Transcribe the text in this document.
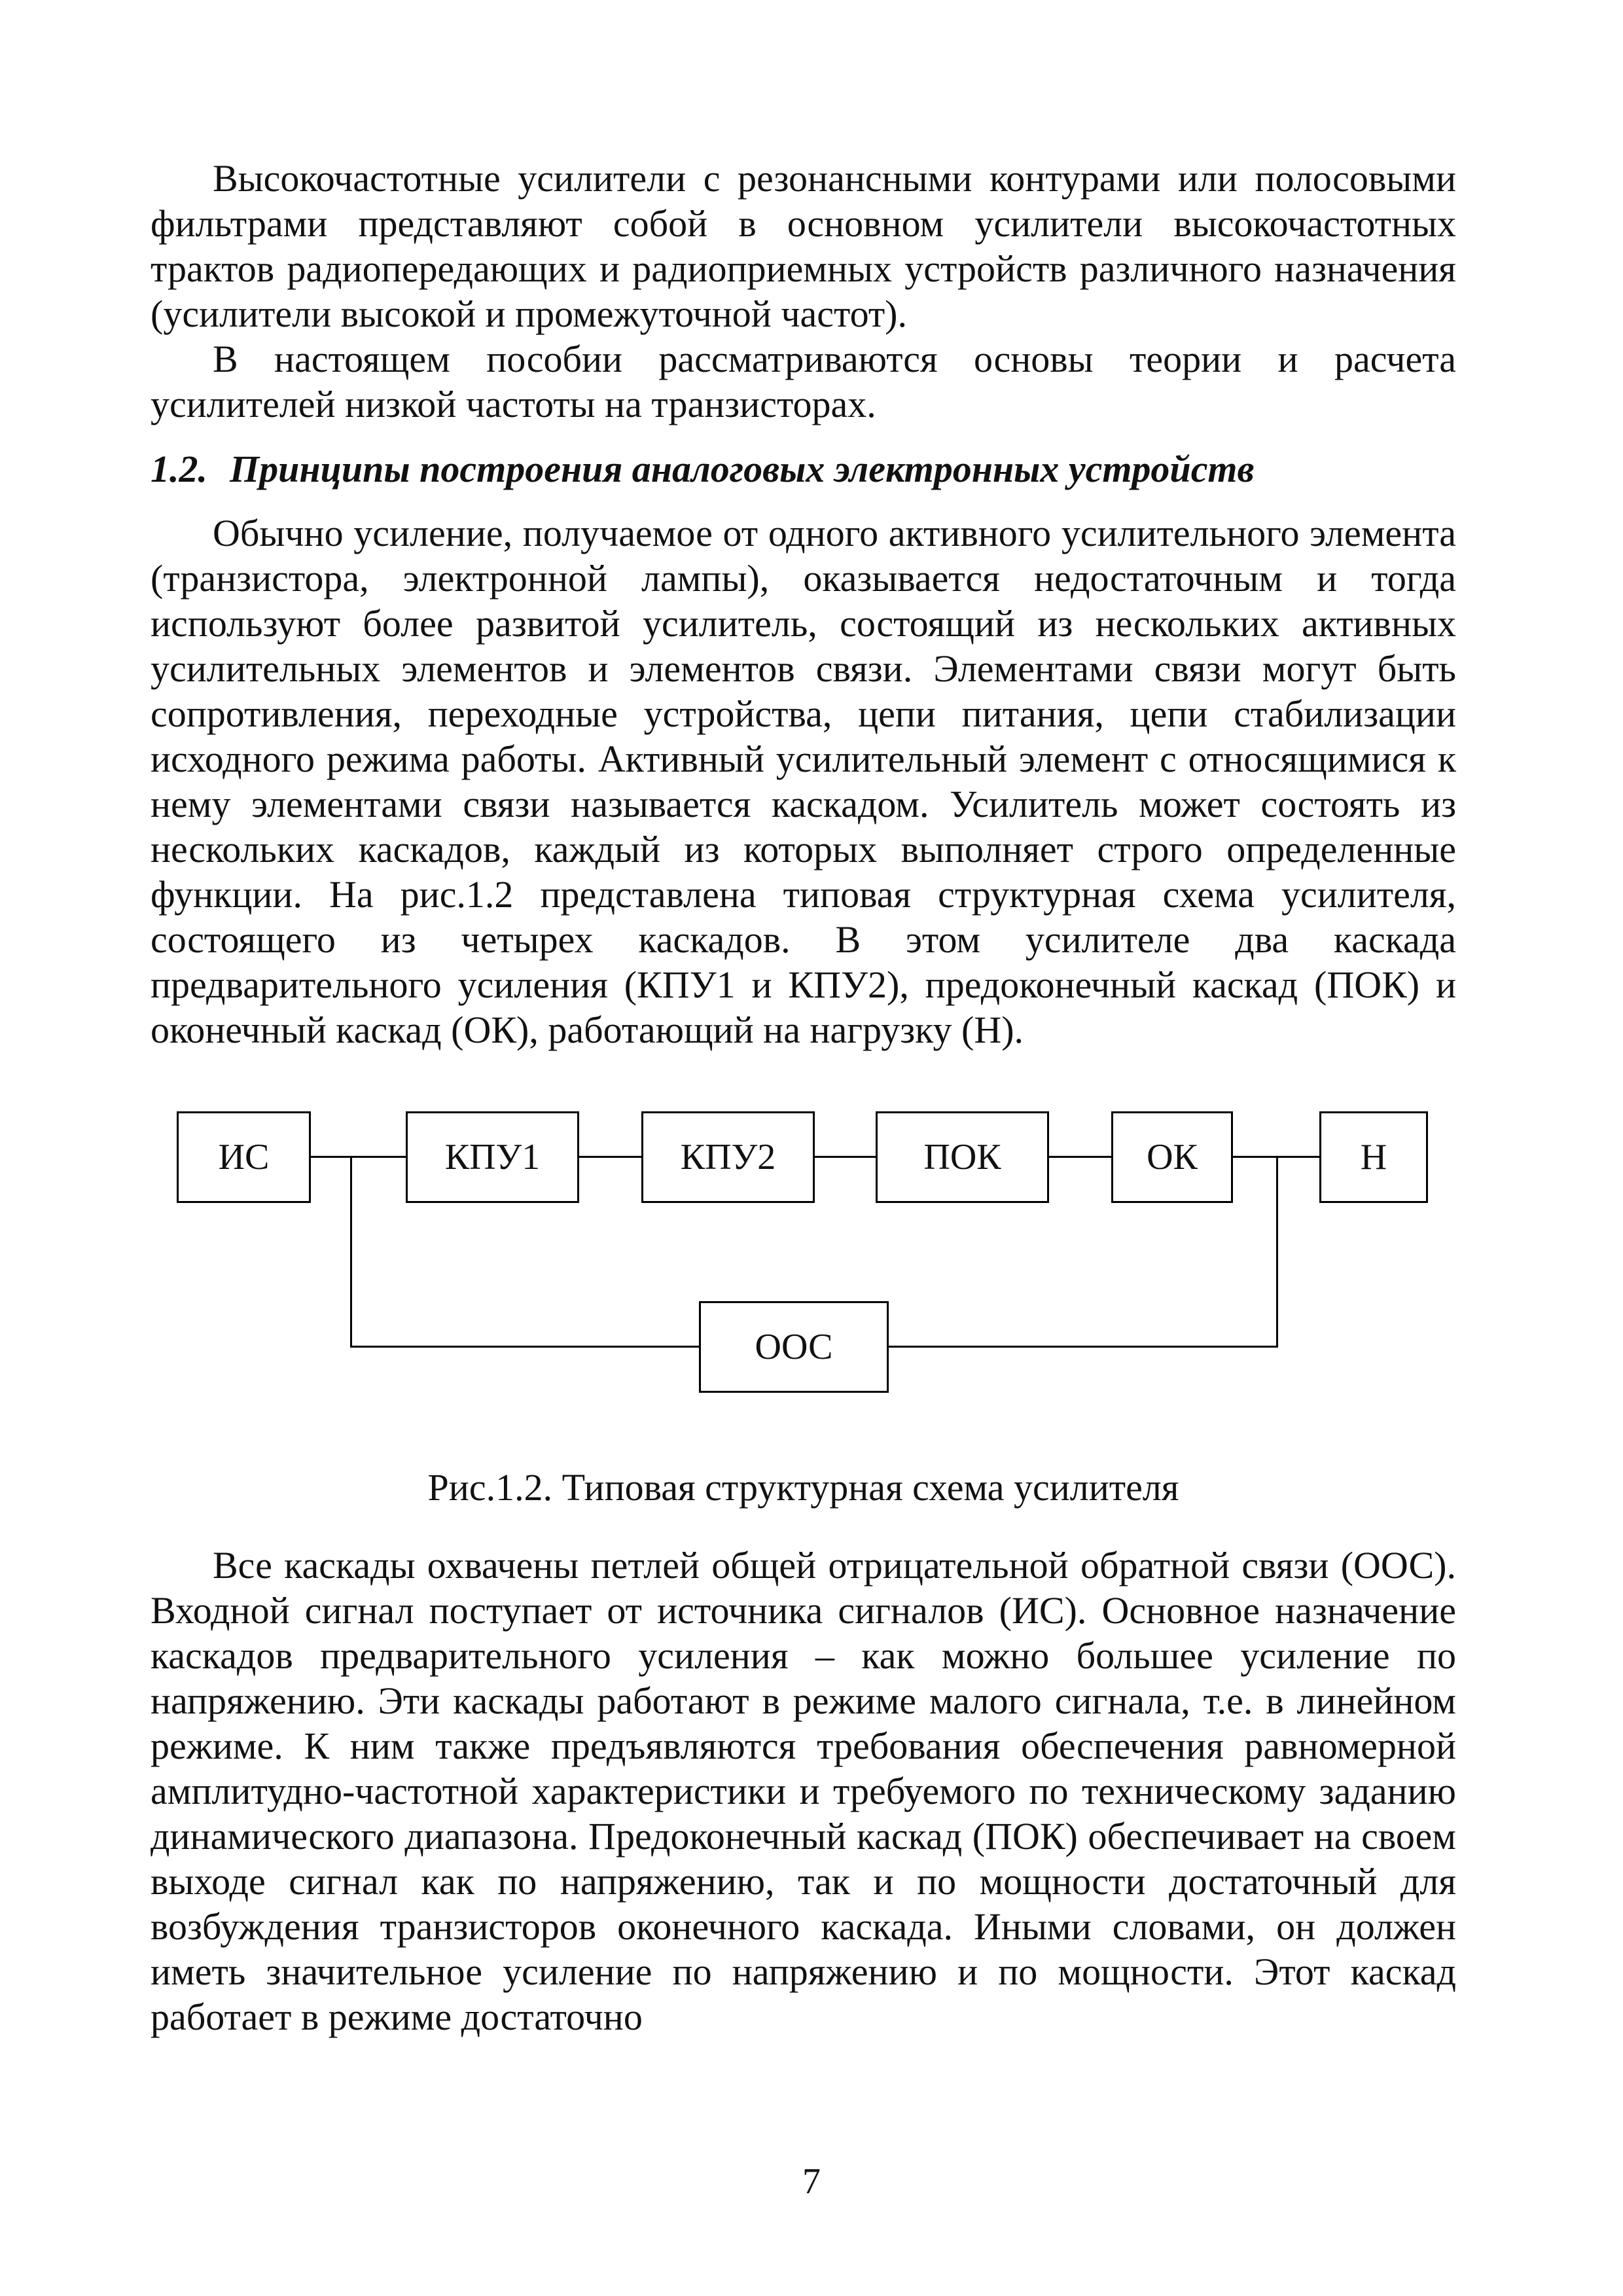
Высокочастотные усилители с резонансными контурами или полосовыми фильтрами представляют собой в основном усилители высокочастотных трактов радиопередающих и радиоприемных устройств различного назначения (усилители высокой и промежуточной частот).

В настоящем пособии рассматриваются основы теории и расчета усилителей низкой частоты на транзисторах.

1.2. Принципы построения аналоговых электронных устройств

Обычно усиление, получаемое от одного активного усилительного элемента (транзистора, электронной лампы), оказывается недостаточным и тогда используют более развитой усилитель, состоящий из нескольких активных усилительных элементов и элементов связи. Элементами связи могут быть сопротивления, переходные устройства, цепи питания, цепи стабилизации исходного режима работы. Активный усилительный элемент с относящимися к нему элементами связи называется каскадом. Усилитель может состоять из нескольких каскадов, каждый из которых выполняет строго определенные функции. На рис.1.2 представлена типовая структурная схема усилителя, состоящего из четырех каскадов. В этом усилителе два каскада предварительного усиления (КПУ1 и КПУ2), предоконечный каскад (ПОК) и оконечный каскад (ОК), работающий на нагрузку (Н).

ИС	КПУ1	КПУ2	ПОК	ОК	Н
ООС

Рис.1.2. Типовая структурная схема усилителя

Все каскады охвачены петлей общей отрицательной обратной связи (ООС). Входной сигнал поступает от источника сигналов (ИС). Основное назначение каскадов предварительного усиления – как можно большее усиление по напряжению. Эти каскады работают в режиме малого сигнала, т.е. в линейном режиме. К ним также предъявляются требования обеспечения равномерной амплитудно-частотной характеристики и требуемого по техническому заданию динамического диапазона. Предоконечный каскад (ПОК) обеспечивает на своем выходе сигнал как по напряжению, так и по мощности достаточный для возбуждения транзисторов оконечного каскада. Иными словами, он должен иметь значительное усиление по напряжению и по мощности. Этот каскад работает в режиме достаточно

7
